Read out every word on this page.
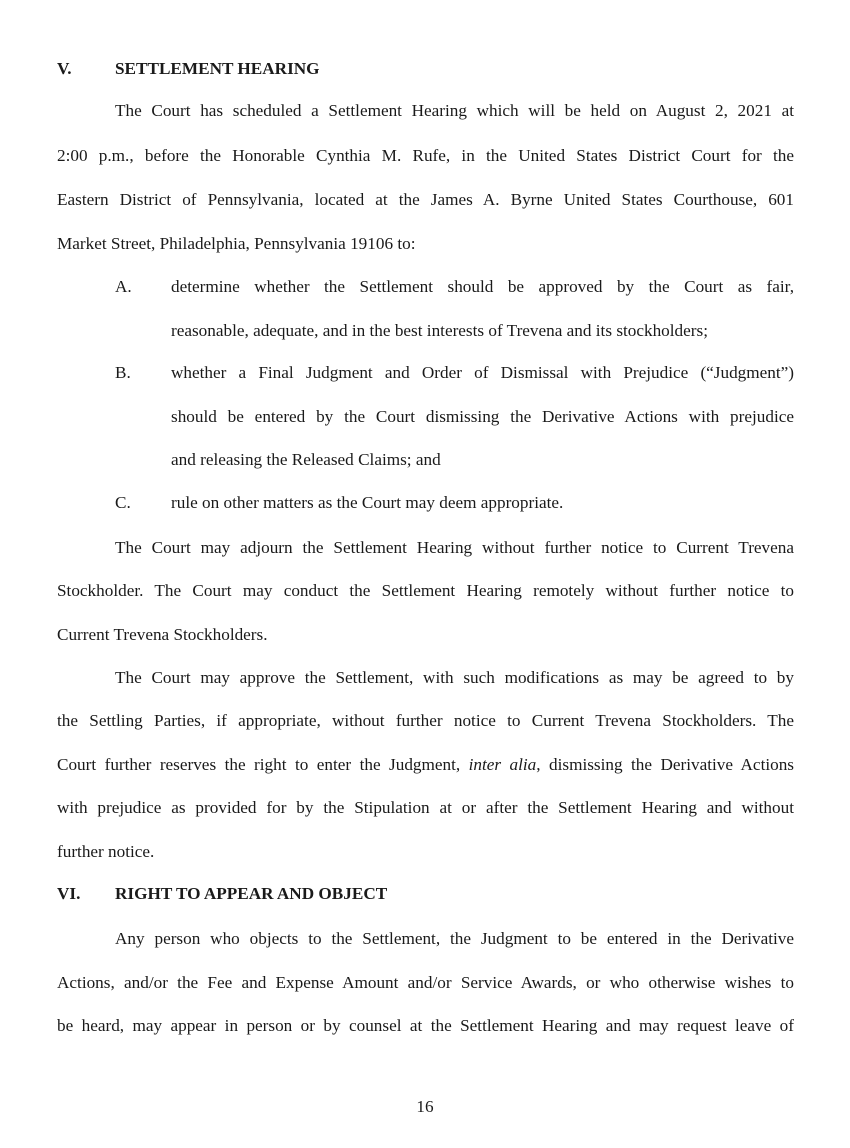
V.	SETTLEMENT HEARING
The Court has scheduled a Settlement Hearing which will be held on August 2, 2021 at
2:00 p.m., before the Honorable Cynthia M. Rufe, in the United States District Court for the
Eastern District of Pennsylvania, located at the James A. Byrne United States Courthouse, 601
Market Street, Philadelphia, Pennsylvania 19106 to:
A. determine whether the Settlement should be approved by the Court as fair,
reasonable, adequate, and in the best interests of Trevena and its stockholders;
B. whether a Final Judgment and Order of Dismissal with Prejudice (“Judgment”)
should be entered by the Court dismissing the Derivative Actions with prejudice
and releasing the Released Claims; and
C. rule on other matters as the Court may deem appropriate.
The Court may adjourn the Settlement Hearing without further notice to Current Trevena
Stockholder. The Court may conduct the Settlement Hearing remotely without further notice to
Current Trevena Stockholders.
The Court may approve the Settlement, with such modifications as may be agreed to by
the Settling Parties, if appropriate, without further notice to Current Trevena Stockholders. The
Court further reserves the right to enter the Judgment, inter alia, dismissing the Derivative Actions
with prejudice as provided for by the Stipulation at or after the Settlement Hearing and without
further notice.
VI. RIGHT TO APPEAR AND OBJECT
Any person who objects to the Settlement, the Judgment to be entered in the Derivative
Actions, and/or the Fee and Expense Amount and/or Service Awards, or who otherwise wishes to
be heard, may appear in person or by counsel at the Settlement Hearing and may request leave of
16
